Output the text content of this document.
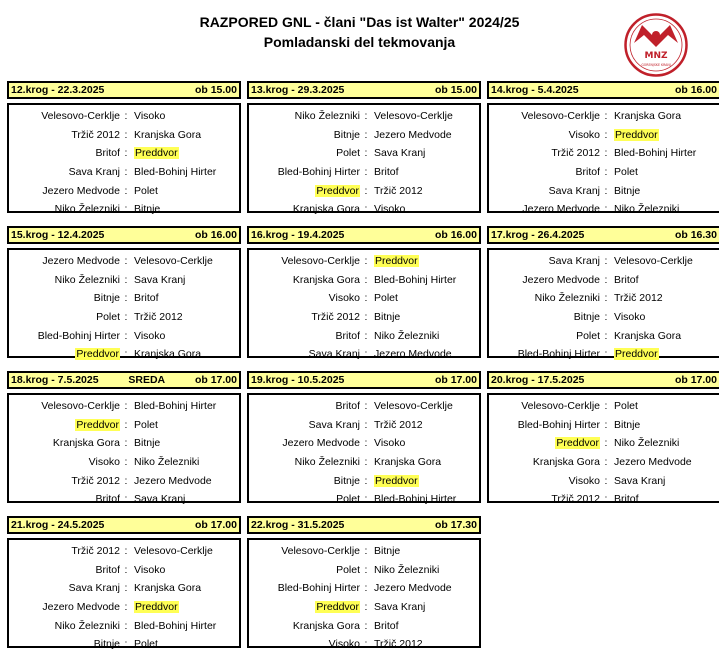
RAZPORED GNL - člani "Das ist Walter" 2024/25
Pomladanski del tekmovanja
MNZ
GORENJSKE KRANJ
12.krog - 22.3.2025	ob 15.00
Velesovo-Cerklje : Visoko
Tržič 2012 : Kranjska Gora
Britof : Preddvor
Sava Kranj : Bled-Bohinj Hirter
Jezero Medvode : Polet
Niko Železniki : Bitnje
13.krog - 29.3.2025	ob 15.00
Niko Železniki : Velesovo-Cerklje
Bitnje : Jezero Medvode
Polet : Sava Kranj
Bled-Bohinj Hirter : Britof
Preddvor : Tržič 2012
Kranjska Gora : Visoko
14.krog - 5.4.2025	ob 16.00
Velesovo-Cerklje : Kranjska Gora
Visoko : Preddvor
Tržič 2012 : Bled-Bohinj Hirter
Britof : Polet
Sava Kranj : Bitnje
Jezero Medvode : Niko Železniki
15.krog - 12.4.2025	ob 16.00
Jezero Medvode : Velesovo-Cerklje
Niko Železniki : Sava Kranj
Bitnje : Britof
Polet : Tržič 2012
Bled-Bohinj Hirter : Visoko
Preddvor : Kranjska Gora
16.krog - 19.4.2025	ob 16.00
Velesovo-Cerklje : Preddvor
Kranjska Gora : Bled-Bohinj Hirter
Visoko : Polet
Tržič 2012 : Bitnje
Britof : Niko Železniki
Sava Kranj : Jezero Medvode
17.krog - 26.4.2025	ob 16.30
Sava Kranj : Velesovo-Cerklje
Jezero Medvode : Britof
Niko Železniki : Tržič 2012
Bitnje : Visoko
Polet : Kranjska Gora
Bled-Bohinj Hirter : Preddvor
18.krog - 7.5.2025	SREDA	ob 17.00
Velesovo-Cerklje : Bled-Bohinj Hirter
Preddvor : Polet
Kranjska Gora : Bitnje
Visoko : Niko Železniki
Tržič 2012 : Jezero Medvode
Britof : Sava Kranj
19.krog - 10.5.2025	ob 17.00
Britof : Velesovo-Cerklje
Sava Kranj : Tržič 2012
Jezero Medvode : Visoko
Niko Železniki : Kranjska Gora
Bitnje : Preddvor
Polet : Bled-Bohinj Hirter
20.krog - 17.5.2025	ob 17.00
Velesovo-Cerklje : Polet
Bled-Bohinj Hirter : Bitnje
Preddvor : Niko Železniki
Kranjska Gora : Jezero Medvode
Visoko : Sava Kranj
Tržič 2012 : Britof
21.krog - 24.5.2025	ob 17.00
Tržič 2012 : Velesovo-Cerklje
Britof : Visoko
Sava Kranj : Kranjska Gora
Jezero Medvode : Preddvor
Niko Železniki : Bled-Bohinj Hirter
Bitnje : Polet
22.krog - 31.5.2025	ob 17.30
Velesovo-Cerklje : Bitnje
Polet : Niko Železniki
Bled-Bohinj Hirter : Jezero Medvode
Preddvor : Sava Kranj
Kranjska Gora : Britof
Visoko : Tržič 2012
